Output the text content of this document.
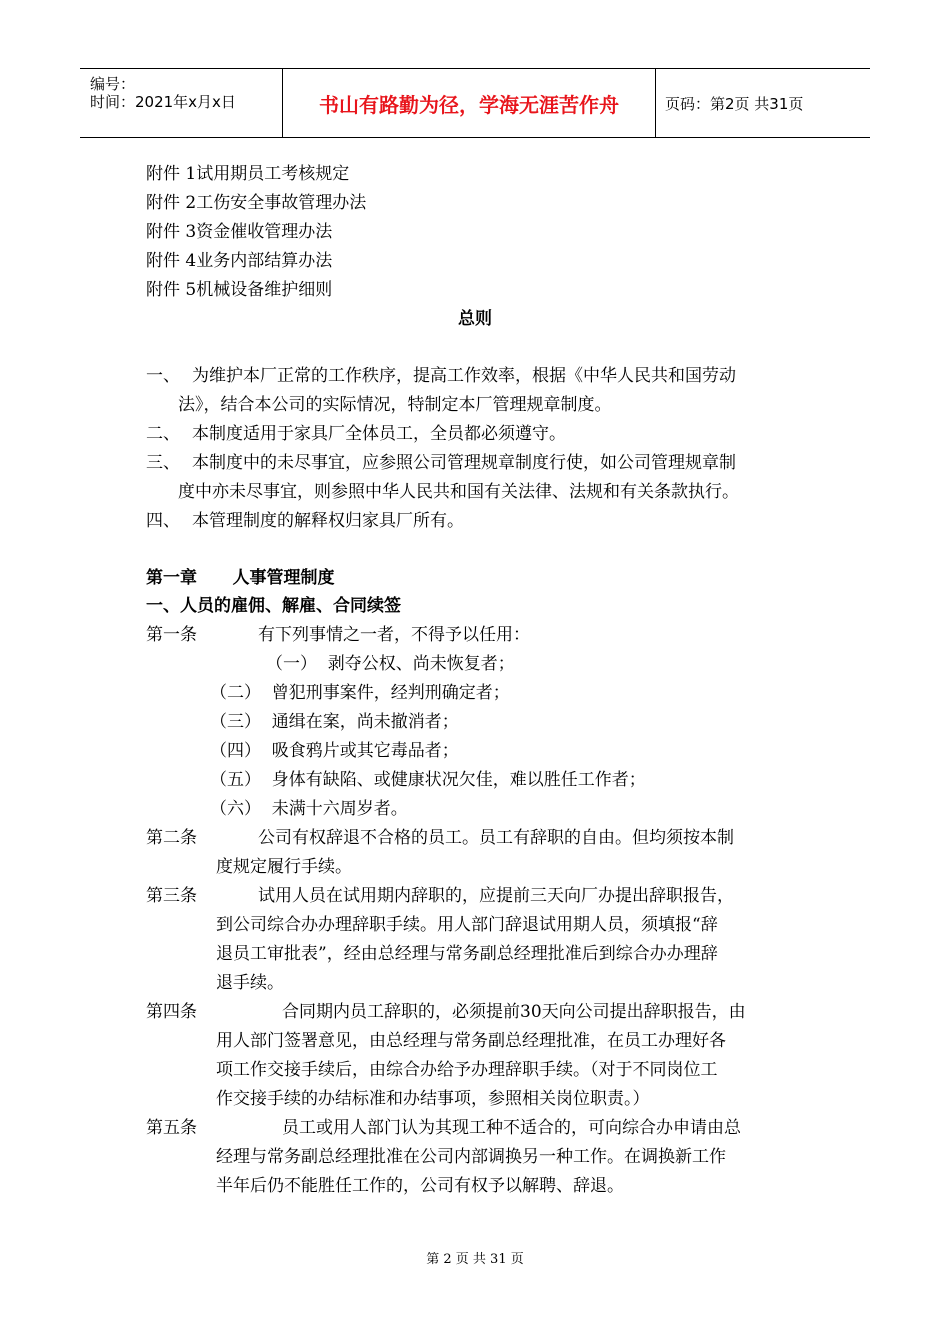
编号：
时间：2021年x月x日	书山有路勤为径，学海无涯苦作舟	页码：第2页 共31页
附件 1试用期员工考核规定
附件 2工伤安全事故管理办法
附件 3资金催收管理办法
附件 4业务内部结算办法
附件 5机械设备维护细则
总则
一、 为维护本厂正常的工作秩序，提高工作效率，根据《中华人民共和国劳动
法》，结合本公司的实际情况，特制定本厂管理规章制度。
二、 本制度适用于家具厂全体员工，全员都必须遵守。
三、 本制度中的未尽事宜，应参照公司管理规章制度行使，如公司管理规章制
度中亦未尽事宜，则参照中华人民共和国有关法律、法规和有关条款执行。
四、 本管理制度的解释权归家具厂所有。
第一章      人事管理制度
一、人员的雇佣、解雇、合同续签
第一条	有下列事情之一者，不得予以任用：
（一）  剥夺公权、尚未恢复者；
（二）  曾犯刑事案件，经判刑确定者；
（三）  通缉在案，尚未撤消者；
（四）  吸食鸦片或其它毒品者；
（五）  身体有缺陷、或健康状况欠佳，难以胜任工作者；
（六）  未满十六周岁者。
第二条	公司有权辞退不合格的员工。员工有辞职的自由。但均须按本制
度规定履行手续。
第三条	试用人员在试用期内辞职的，应提前三天向厂办提出辞职报告，
到公司综合办办理辞职手续。用人部门辞退试用期人员，须填报“辞
退员工审批表”，经由总经理与常务副总经理批准后到综合办办理辞
退手续。
第四条	合同期内员工辞职的，必须提前30天向公司提出辞职报告，由
用人部门签署意见，由总经理与常务副总经理批准，在员工办理好各
项工作交接手续后，由综合办给予办理辞职手续。（对于不同岗位工
作交接手续的办结标准和办结事项，参照相关岗位职责。）
第五条	员工或用人部门认为其现工种不适合的，可向综合办申请由总
经理与常务副总经理批准在公司内部调换另一种工作。在调换新工作
半年后仍不能胜任工作的，公司有权予以解聘、辞退。
第 2 页 共 31 页
